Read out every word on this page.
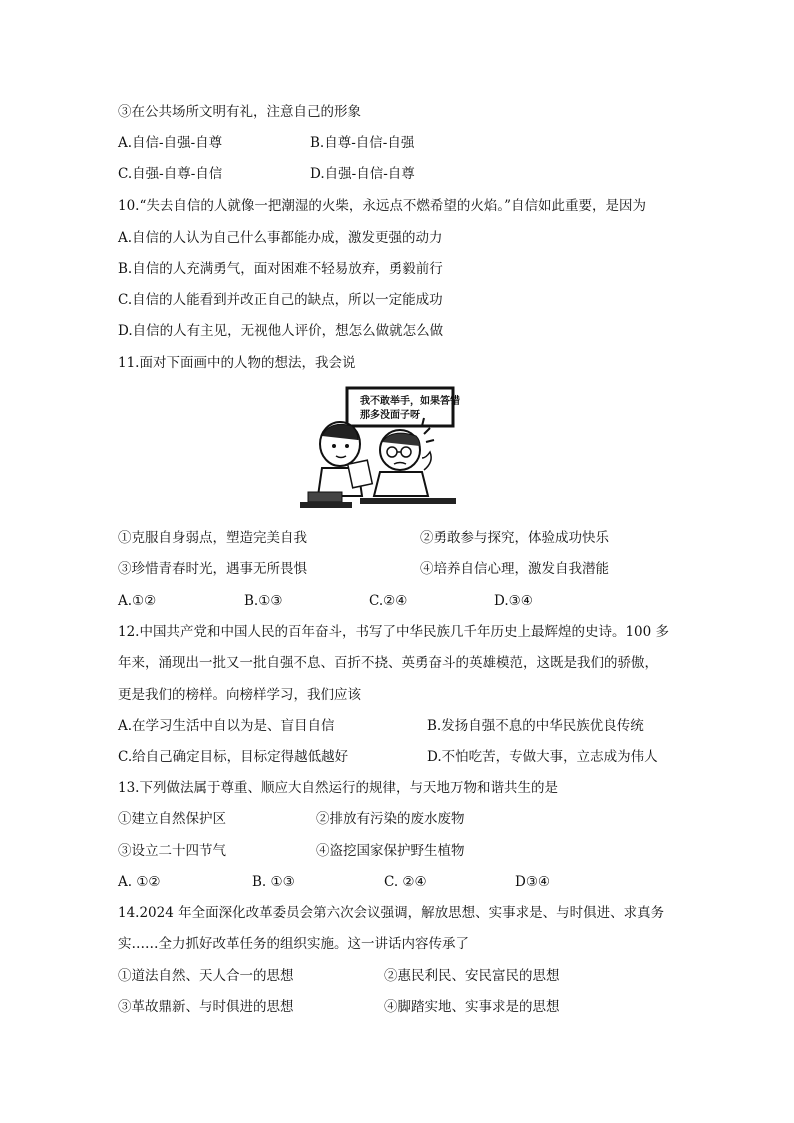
③在公共场所文明有礼，注意自己的形象
A.自信-自强-自尊	B.自尊-自信-自强
C.自强-自尊-自信	D.自强-自信-自尊
10.“失去自信的人就像一把潮湿的火柴，永远点不燃希望的火焰。”自信如此重要，是因为
A.自信的人认为自己什么事都能办成，激发更强的动力
B.自信的人充满勇气，面对困难不轻易放弃，勇毅前行
C.自信的人能看到并改正自己的缺点，所以一定能成功
D.自信的人有主见，无视他人评价，想怎么做就怎么做
11.面对下面画中的人物的想法，我会说
我不敢举手，如果答错
那多没面子呀
①克服自身弱点，塑造完美自我	②勇敢参与探究，体验成功快乐
③珍惜青春时光，遇事无所畏惧	④培养自信心理，激发自我潜能
A.①②	B.①③	C.②④	D.③④
12.中国共产党和中国人民的百年奋斗，书写了中华民族几千年历史上最辉煌的史诗。100 多
年来，涌现出一批又一批自强不息、百折不挠、英勇奋斗的英雄模范，这既是我们的骄傲，
更是我们的榜样。向榜样学习，我们应该
A.在学习生活中自以为是、盲目自信	B.发扬自强不息的中华民族优良传统
C.给自己确定目标，目标定得越低越好	D.不怕吃苦，专做大事，立志成为伟人
13.下列做法属于尊重、顺应大自然运行的规律，与天地万物和谐共生的是
①建立自然保护区	②排放有污染的废水废物
③设立二十四节气	④盗挖国家保护野生植物
A. ①②	B. ①③	C. ②④	D③④
14.2024 年全面深化改革委员会第六次会议强调，解放思想、实事求是、与时俱进、求真务
实……全力抓好改革任务的组织实施。这一讲话内容传承了
①道法自然、天人合一的思想	②惠民利民、安民富民的思想
③革故鼎新、与时俱进的思想	④脚踏实地、实事求是的思想
